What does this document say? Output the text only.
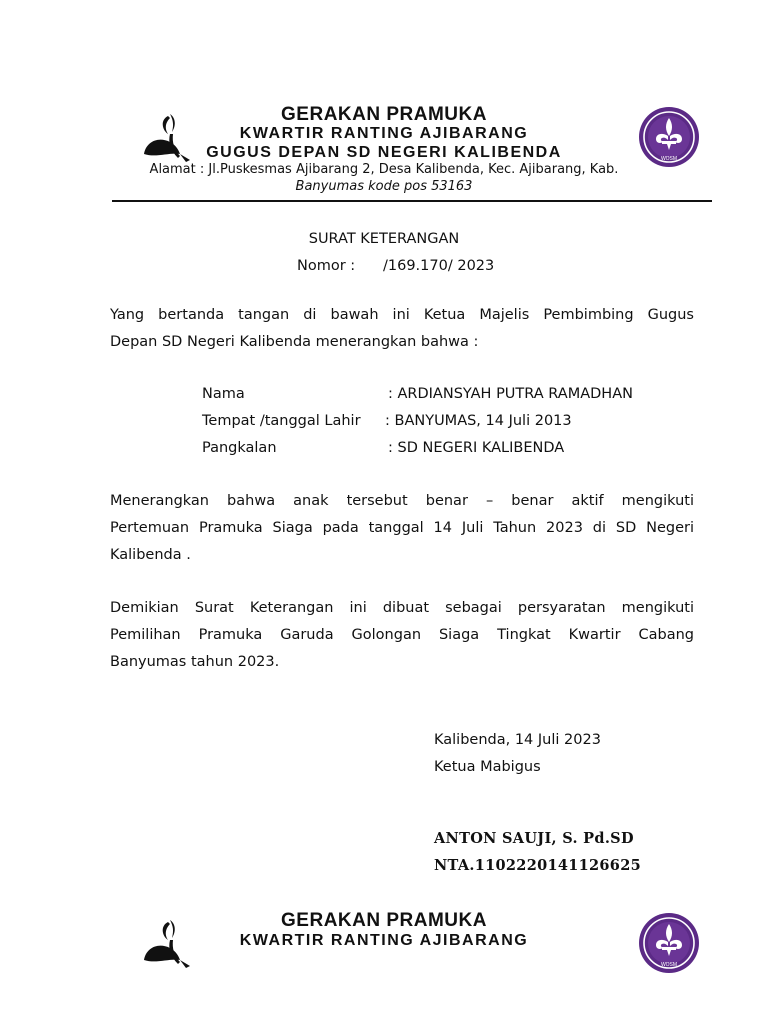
WOSM
GERAKAN PRAMUKA
KWARTIR RANTING AJIBARANG
GUGUS DEPAN SD NEGERI KALIBENDA
Alamat : Jl.Puskesmas Ajibarang 2, Desa Kalibenda, Kec. Ajibarang, Kab.
Banyumas kode pos 53163
SURAT KETERANGAN
Nomor : /169.170/ 2023
Yang bertanda tangan di bawah ini Ketua Majelis Pembimbing Gugus
Depan SD Negeri Kalibenda menerangkan bahwa :
Nama	: ARDIANSYAH PUTRA RAMADHAN
Tempat /tanggal Lahir : BANYUMAS, 14 Juli 2013
Pangkalan	: SD NEGERI KALIBENDA
Menerangkan bahwa anak tersebut benar – benar aktif mengikuti
Pertemuan Pramuka Siaga pada tanggal 14 Juli Tahun 2023 di SD Negeri
Kalibenda .
Demikian Surat Keterangan ini dibuat sebagai persyaratan mengikuti
Pemilihan Pramuka Garuda Golongan Siaga Tingkat Kwartir Cabang
Banyumas tahun 2023.
Kalibenda, 14 Juli 2023
Ketua Mabigus
ANTON SAUJI, S. Pd.SD
NTA.1102220141126625
WOSM
GERAKAN PRAMUKA
KWARTIR RANTING AJIBARANG
